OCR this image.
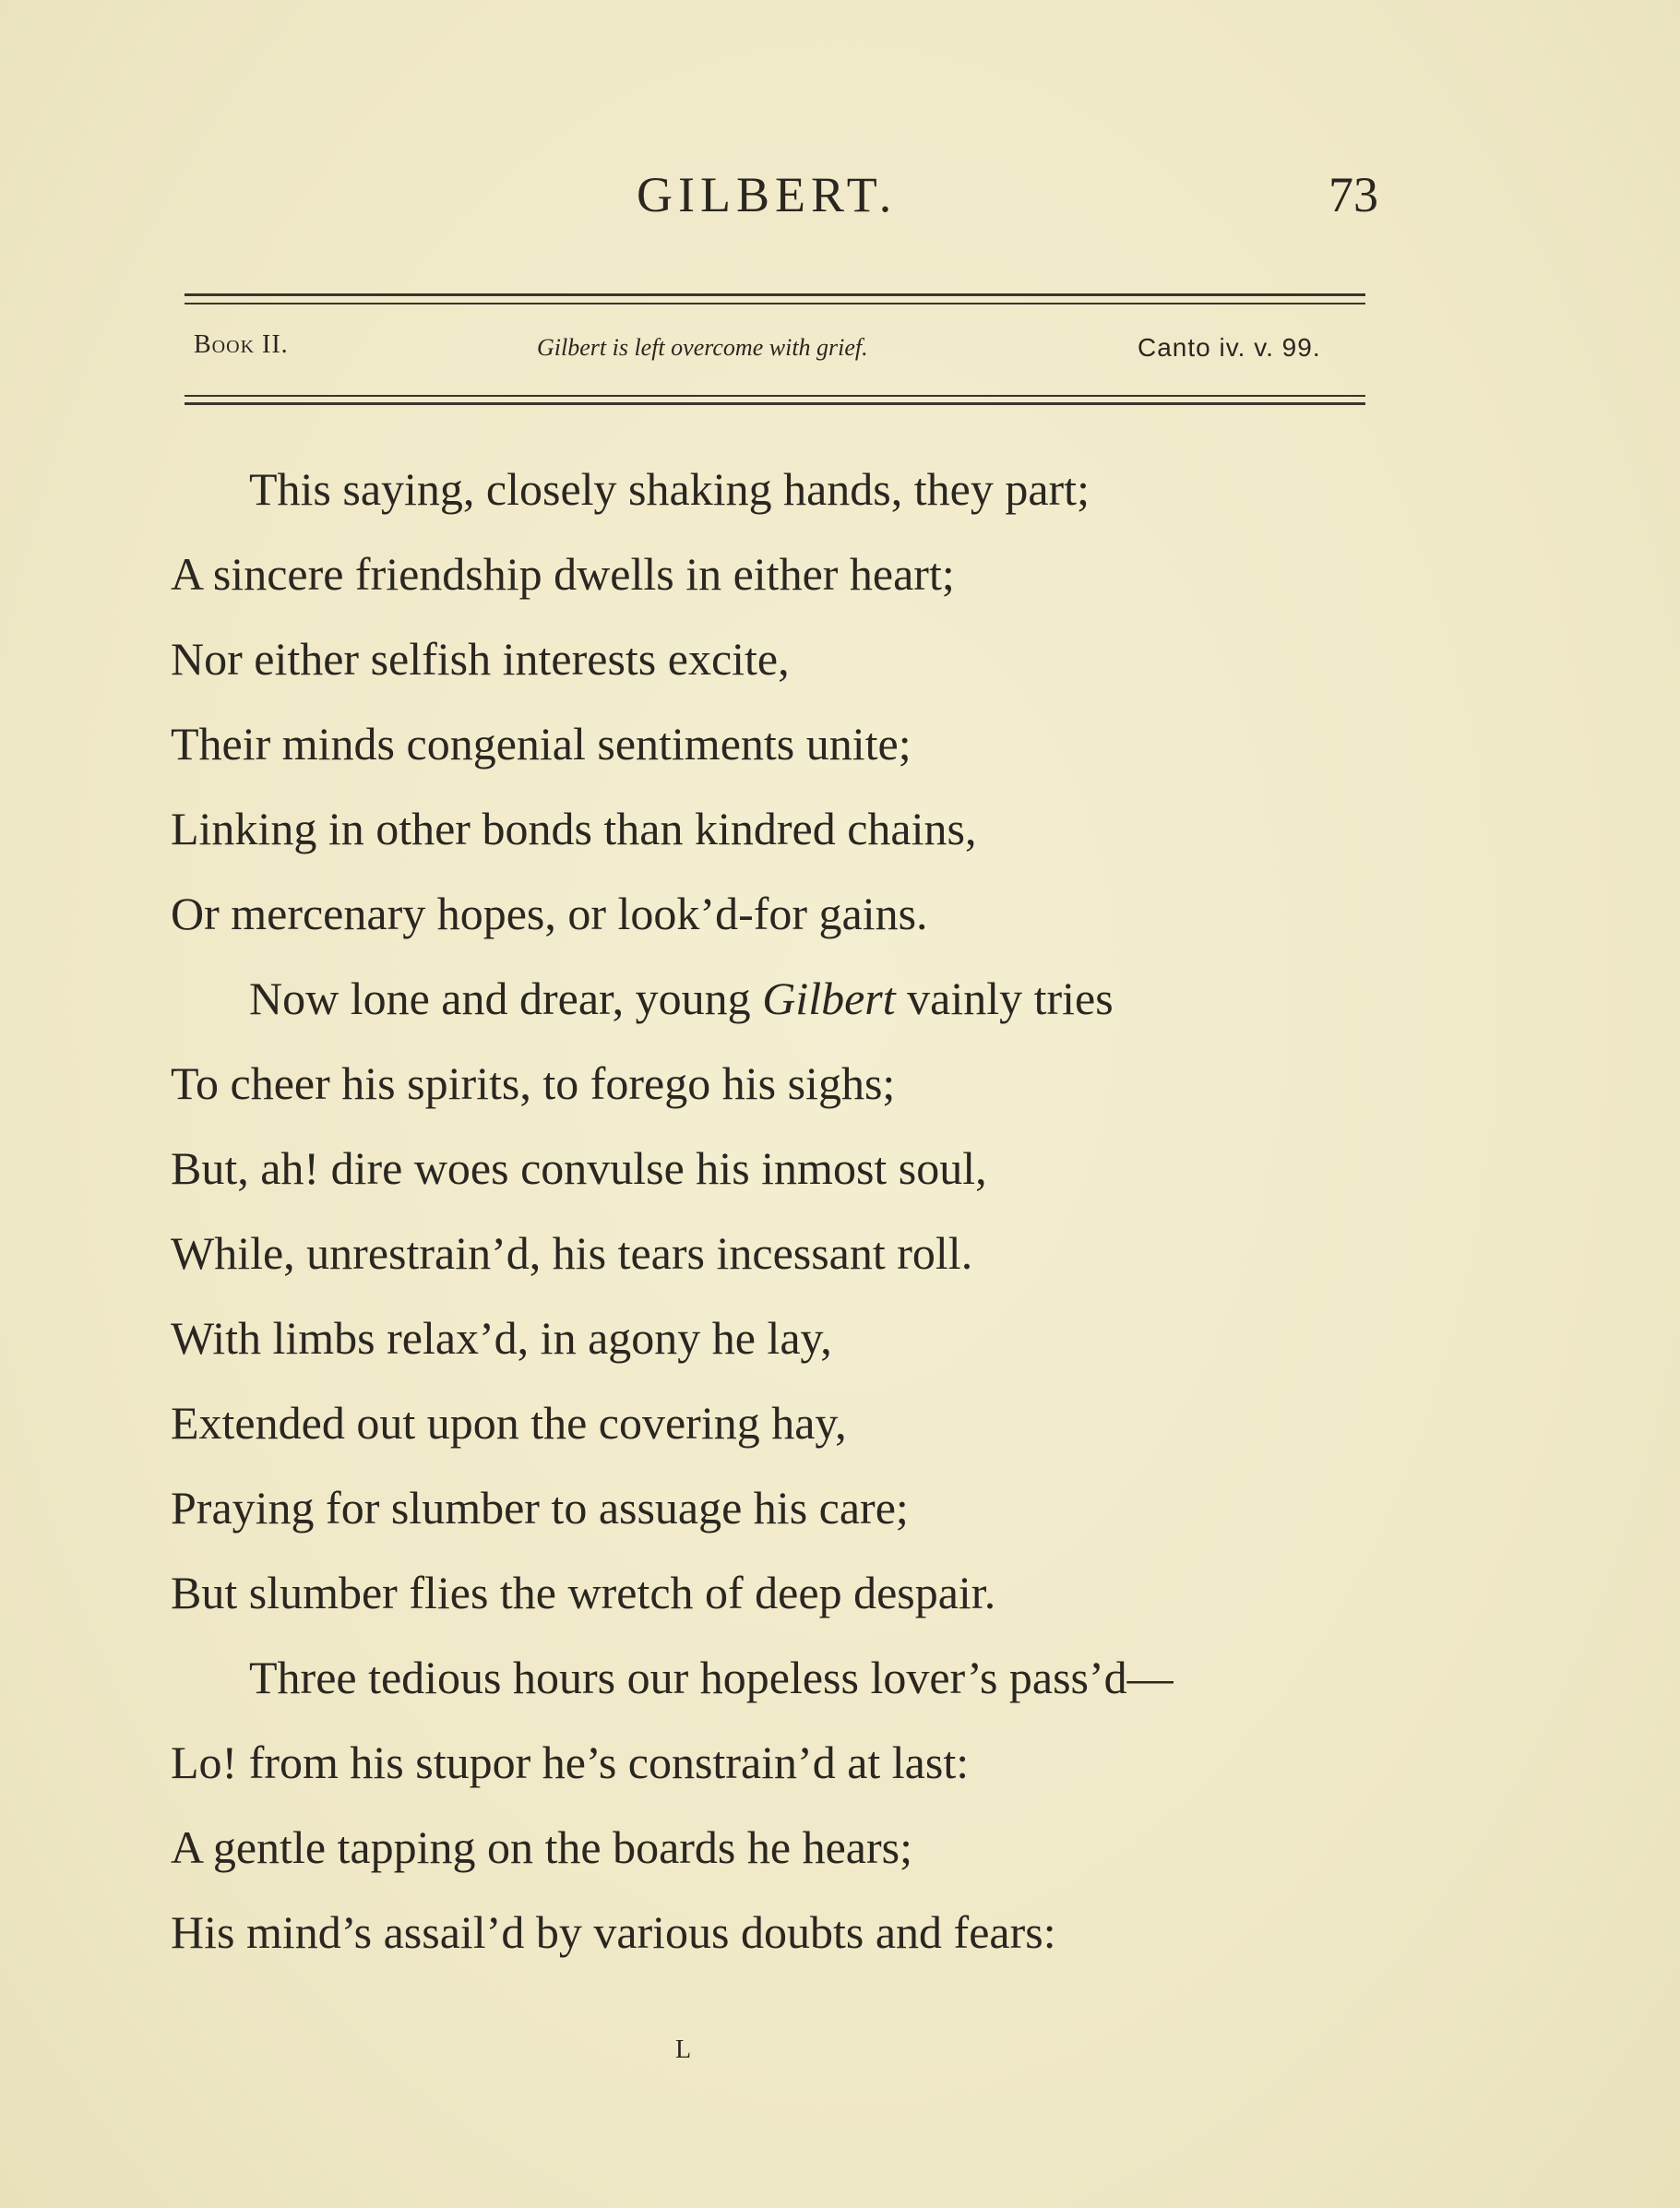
GILBERT.	73
Book II.	Gilbert is left overcome with grief.	Canto iv. v. 99.
This saying, closely shaking hands, they part;
A sincere friendship dwells in either heart;
Nor either selfish interests excite,
Their minds congenial sentiments unite;
Linking in other bonds than kindred chains,
Or mercenary hopes, or look’d-for gains.
Now lone and drear, young Gilbert vainly tries
To cheer his spirits, to forego his sighs;
But, ah! dire woes convulse his inmost soul,
While, unrestrain’d, his tears incessant roll.
With limbs relax’d, in agony he lay,
Extended out upon the covering hay,
Praying for slumber to assuage his care;
But slumber flies the wretch of deep despair.
Three tedious hours our hopeless lover’s pass’d—
Lo! from his stupor he’s constrain’d at last:
A gentle tapping on the boards he hears;
His mind’s assail’d by various doubts and fears:
L
